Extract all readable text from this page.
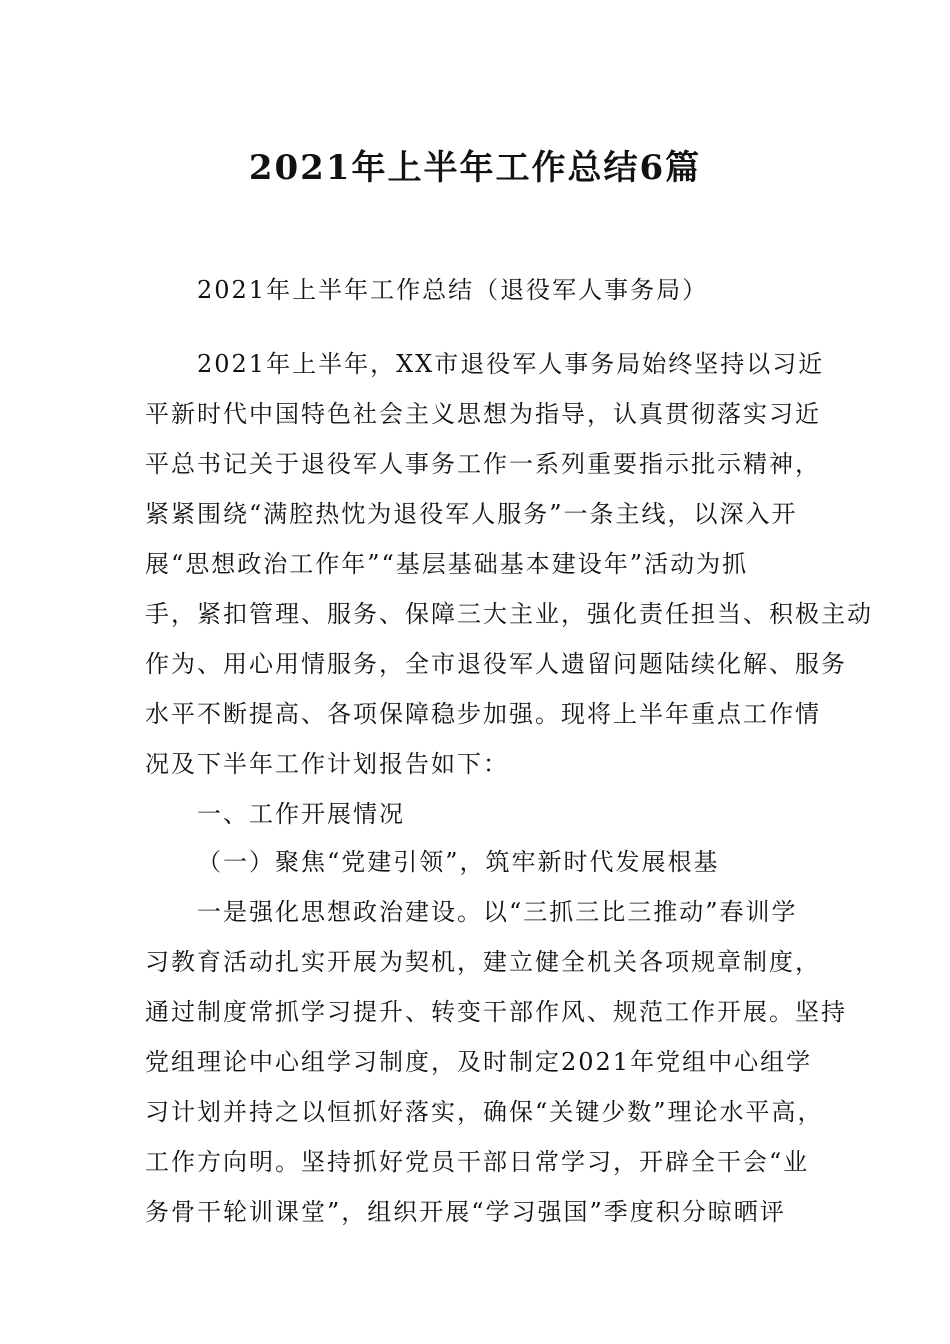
2021年上半年工作总结6篇

2021年上半年工作总结（退役军人事务局）

2021年上半年，XX市退役军人事务局始终坚持以习近

平新时代中国特色社会主义思想为指导，认真贯彻落实习近

平总书记关于退役军人事务工作一系列重要指示批示精神，

紧紧围绕“满腔热忱为退役军人服务”一条主线，以深入开

展“思想政治工作年”“基层基础基本建设年”活动为抓

手，紧扣管理、服务、保障三大主业，强化责任担当、积极主动

作为、用心用情服务，全市退役军人遗留问题陆续化解、服务

水平不断提高、各项保障稳步加强。现将上半年重点工作情

况及下半年工作计划报告如下：

一、工作开展情况

（一）聚焦“党建引领”，筑牢新时代发展根基

一是强化思想政治建设。以“三抓三比三推动”春训学

习教育活动扎实开展为契机，建立健全机关各项规章制度，

通过制度常抓学习提升、转变干部作风、规范工作开展。坚持

党组理论中心组学习制度，及时制定2021年党组中心组学

习计划并持之以恒抓好落实，确保“关键少数”理论水平高，

工作方向明。坚持抓好党员干部日常学习，开辟全干会“业

务骨干轮训课堂”，组织开展“学习强国”季度积分晾晒评
